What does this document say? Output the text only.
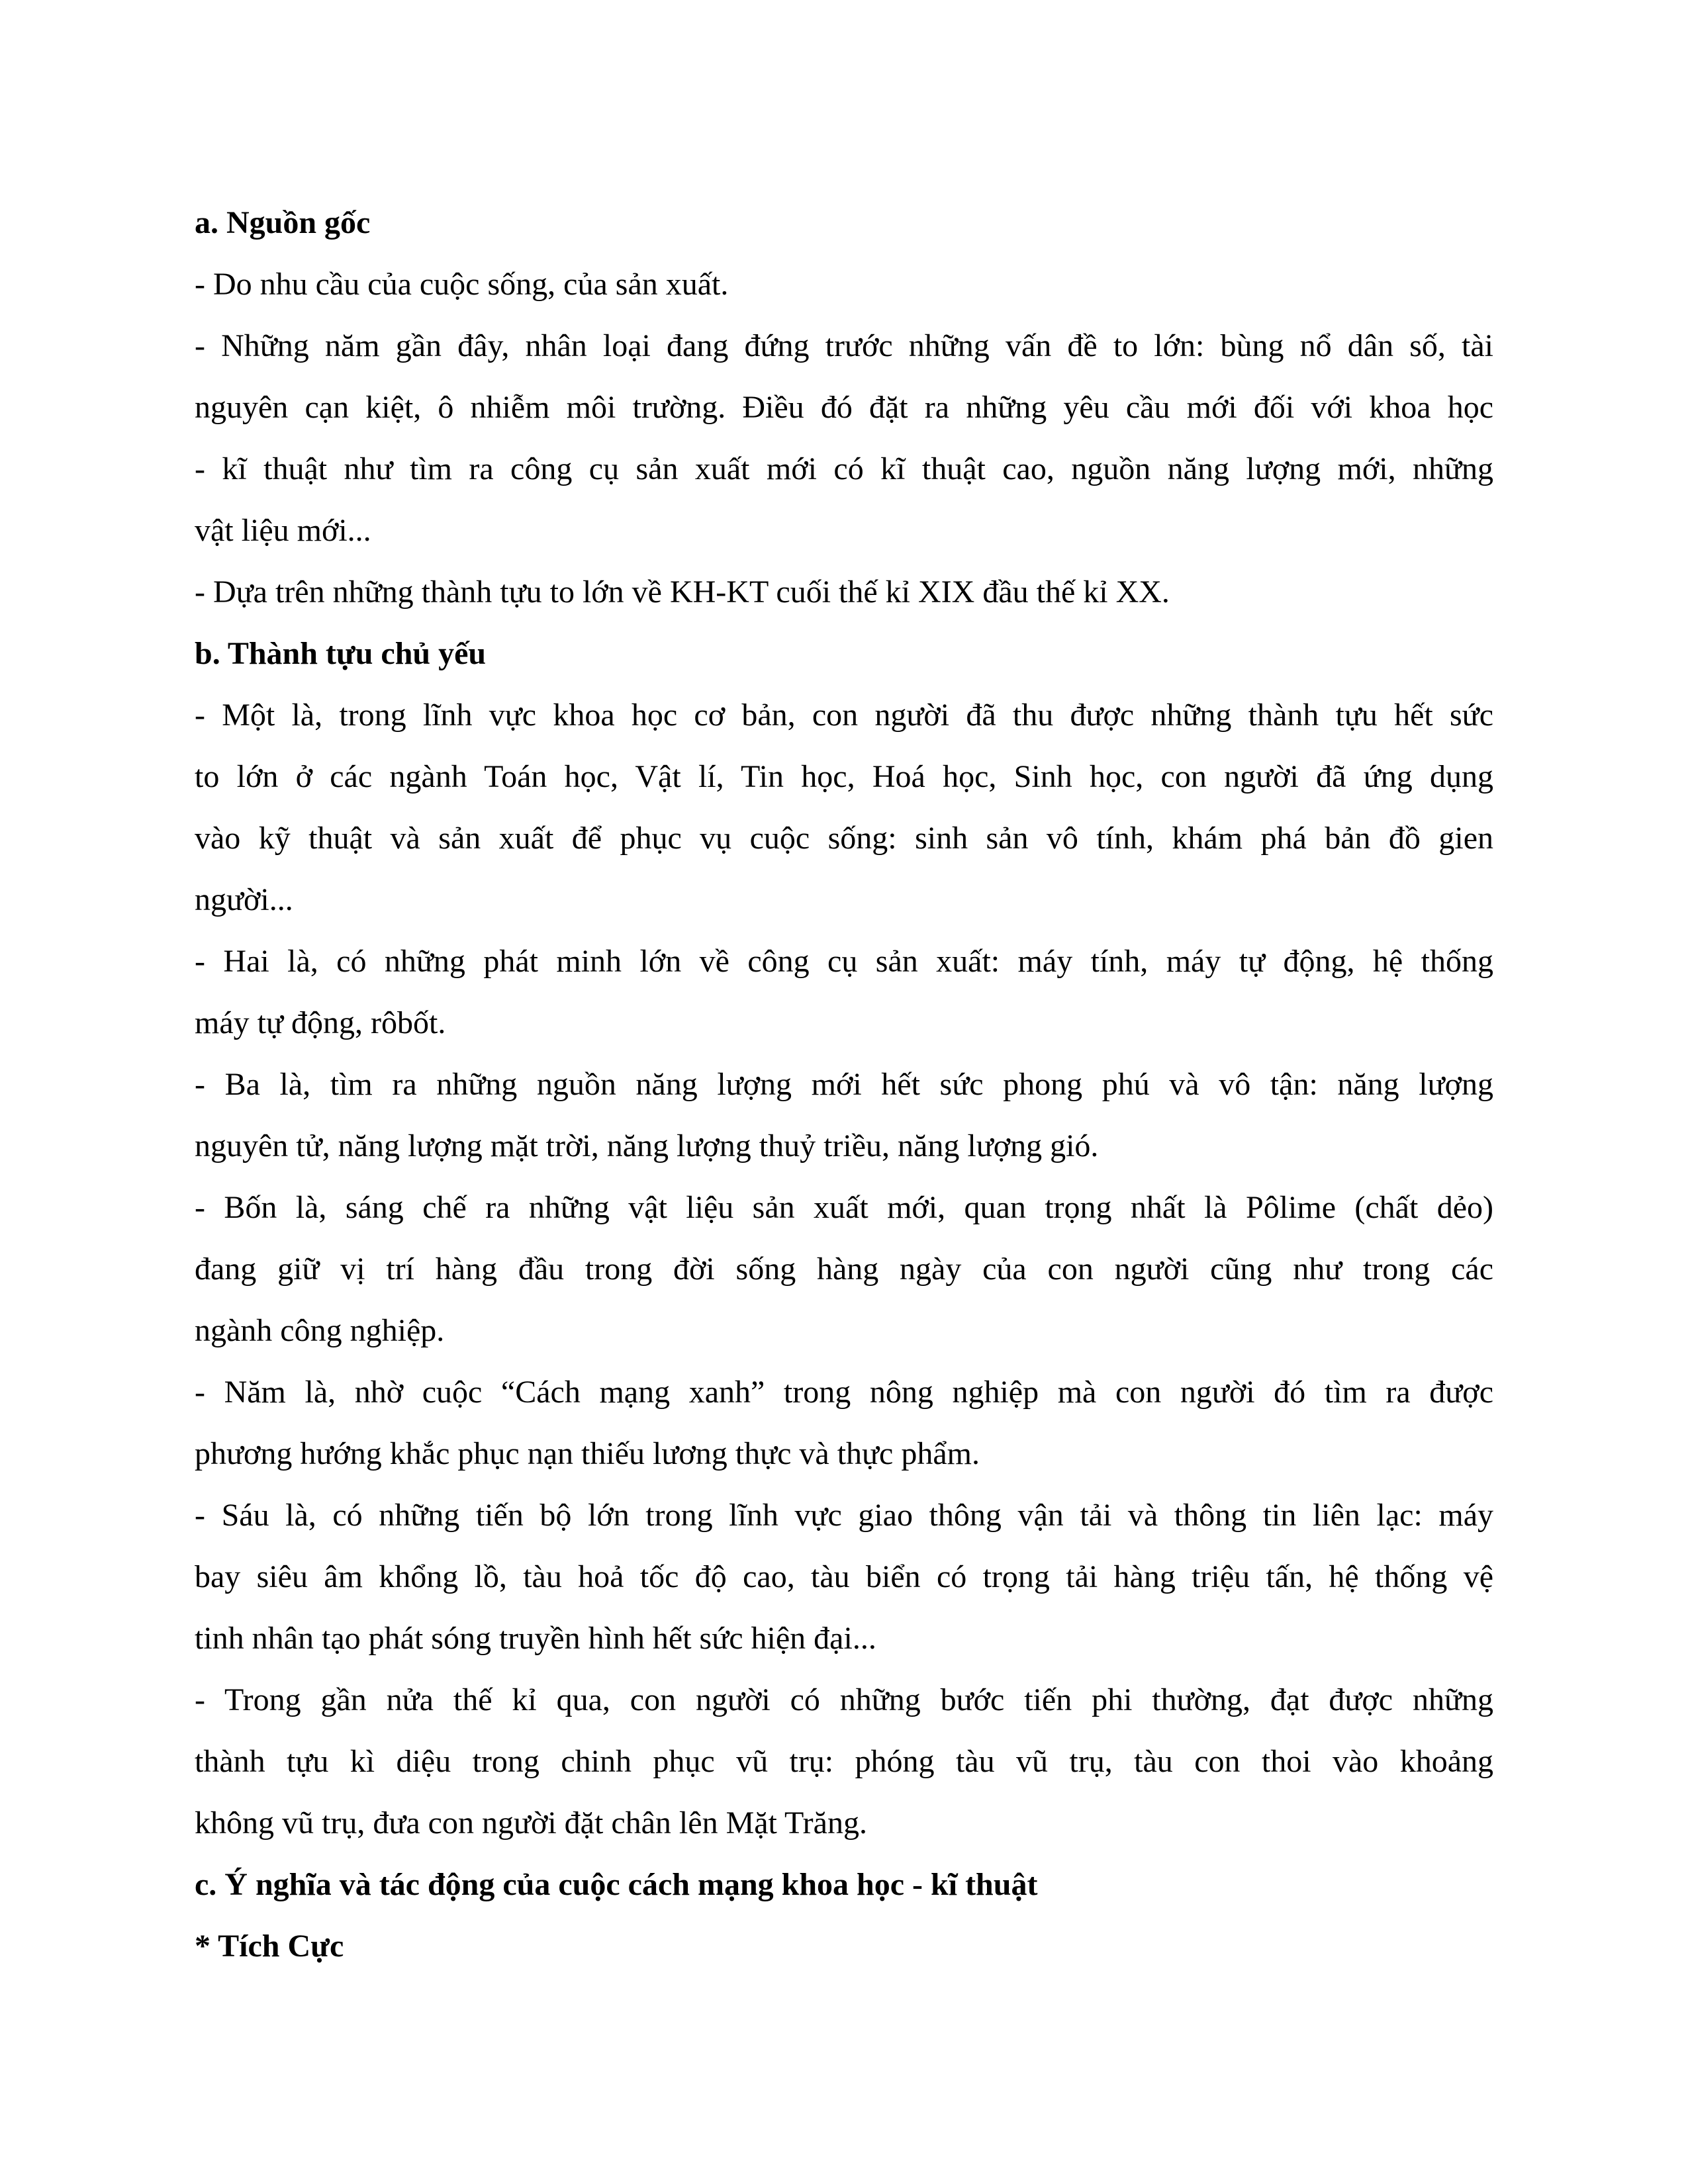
a. Nguồn gốc
- Do nhu cầu của cuộc sống, của sản xuất.
- Những năm gần đây, nhân loại đang đứng trước những vấn đề to lớn: bùng nổ dân số, tài
nguyên cạn kiệt, ô nhiễm môi trường. Điều đó đặt ra những yêu cầu mới đối với khoa học
- kĩ thuật như tìm ra công cụ sản xuất mới có kĩ thuật cao, nguồn năng lượng mới, những
vật liệu mới...
- Dựa trên những thành tựu to lớn về KH-KT cuối thế kỉ XIX đầu thế kỉ XX.
b. Thành tựu chủ yếu
- Một là, trong lĩnh vực khoa học cơ bản, con người đã thu được những thành tựu hết sức
to lớn ở các ngành Toán học, Vật lí, Tin học, Hoá học, Sinh học, con người đã ứng dụng
vào kỹ thuật và sản xuất để phục vụ cuộc sống: sinh sản vô tính, khám phá bản đồ gien
người...
- Hai là, có những phát minh lớn về công cụ sản xuất: máy tính, máy tự động, hệ thống
máy tự động, rôbốt.
- Ba là, tìm ra những nguồn năng lượng mới hết sức phong phú và vô tận: năng lượng
nguyên tử, năng lượng mặt trời, năng lượng thuỷ triều, năng lượng gió.
- Bốn là, sáng chế ra những vật liệu sản xuất mới, quan trọng nhất là Pôlime (chất dẻo)
đang giữ vị trí hàng đầu trong đời sống hàng ngày của con người cũng như trong các
ngành công nghiệp.
- Năm là, nhờ cuộc “Cách mạng xanh” trong nông nghiệp mà con người đó tìm ra được
phương hướng khắc phục nạn thiếu lương thực và thực phẩm.
- Sáu là, có những tiến bộ lớn trong lĩnh vực giao thông vận tải và thông tin liên lạc: máy
bay siêu âm khổng lồ, tàu hoả tốc độ cao, tàu biển có trọng tải hàng triệu tấn, hệ thống vệ
tinh nhân tạo phát sóng truyền hình hết sức hiện đại...
- Trong gần nửa thế kỉ qua, con người có những bước tiến phi thường, đạt được những
thành tựu kì diệu trong chinh phục vũ trụ: phóng tàu vũ trụ, tàu con thoi vào khoảng
không vũ trụ, đưa con người đặt chân lên Mặt Trăng.
c. Ý nghĩa và tác động của cuộc cách mạng khoa học - kĩ thuật
* Tích Cực
